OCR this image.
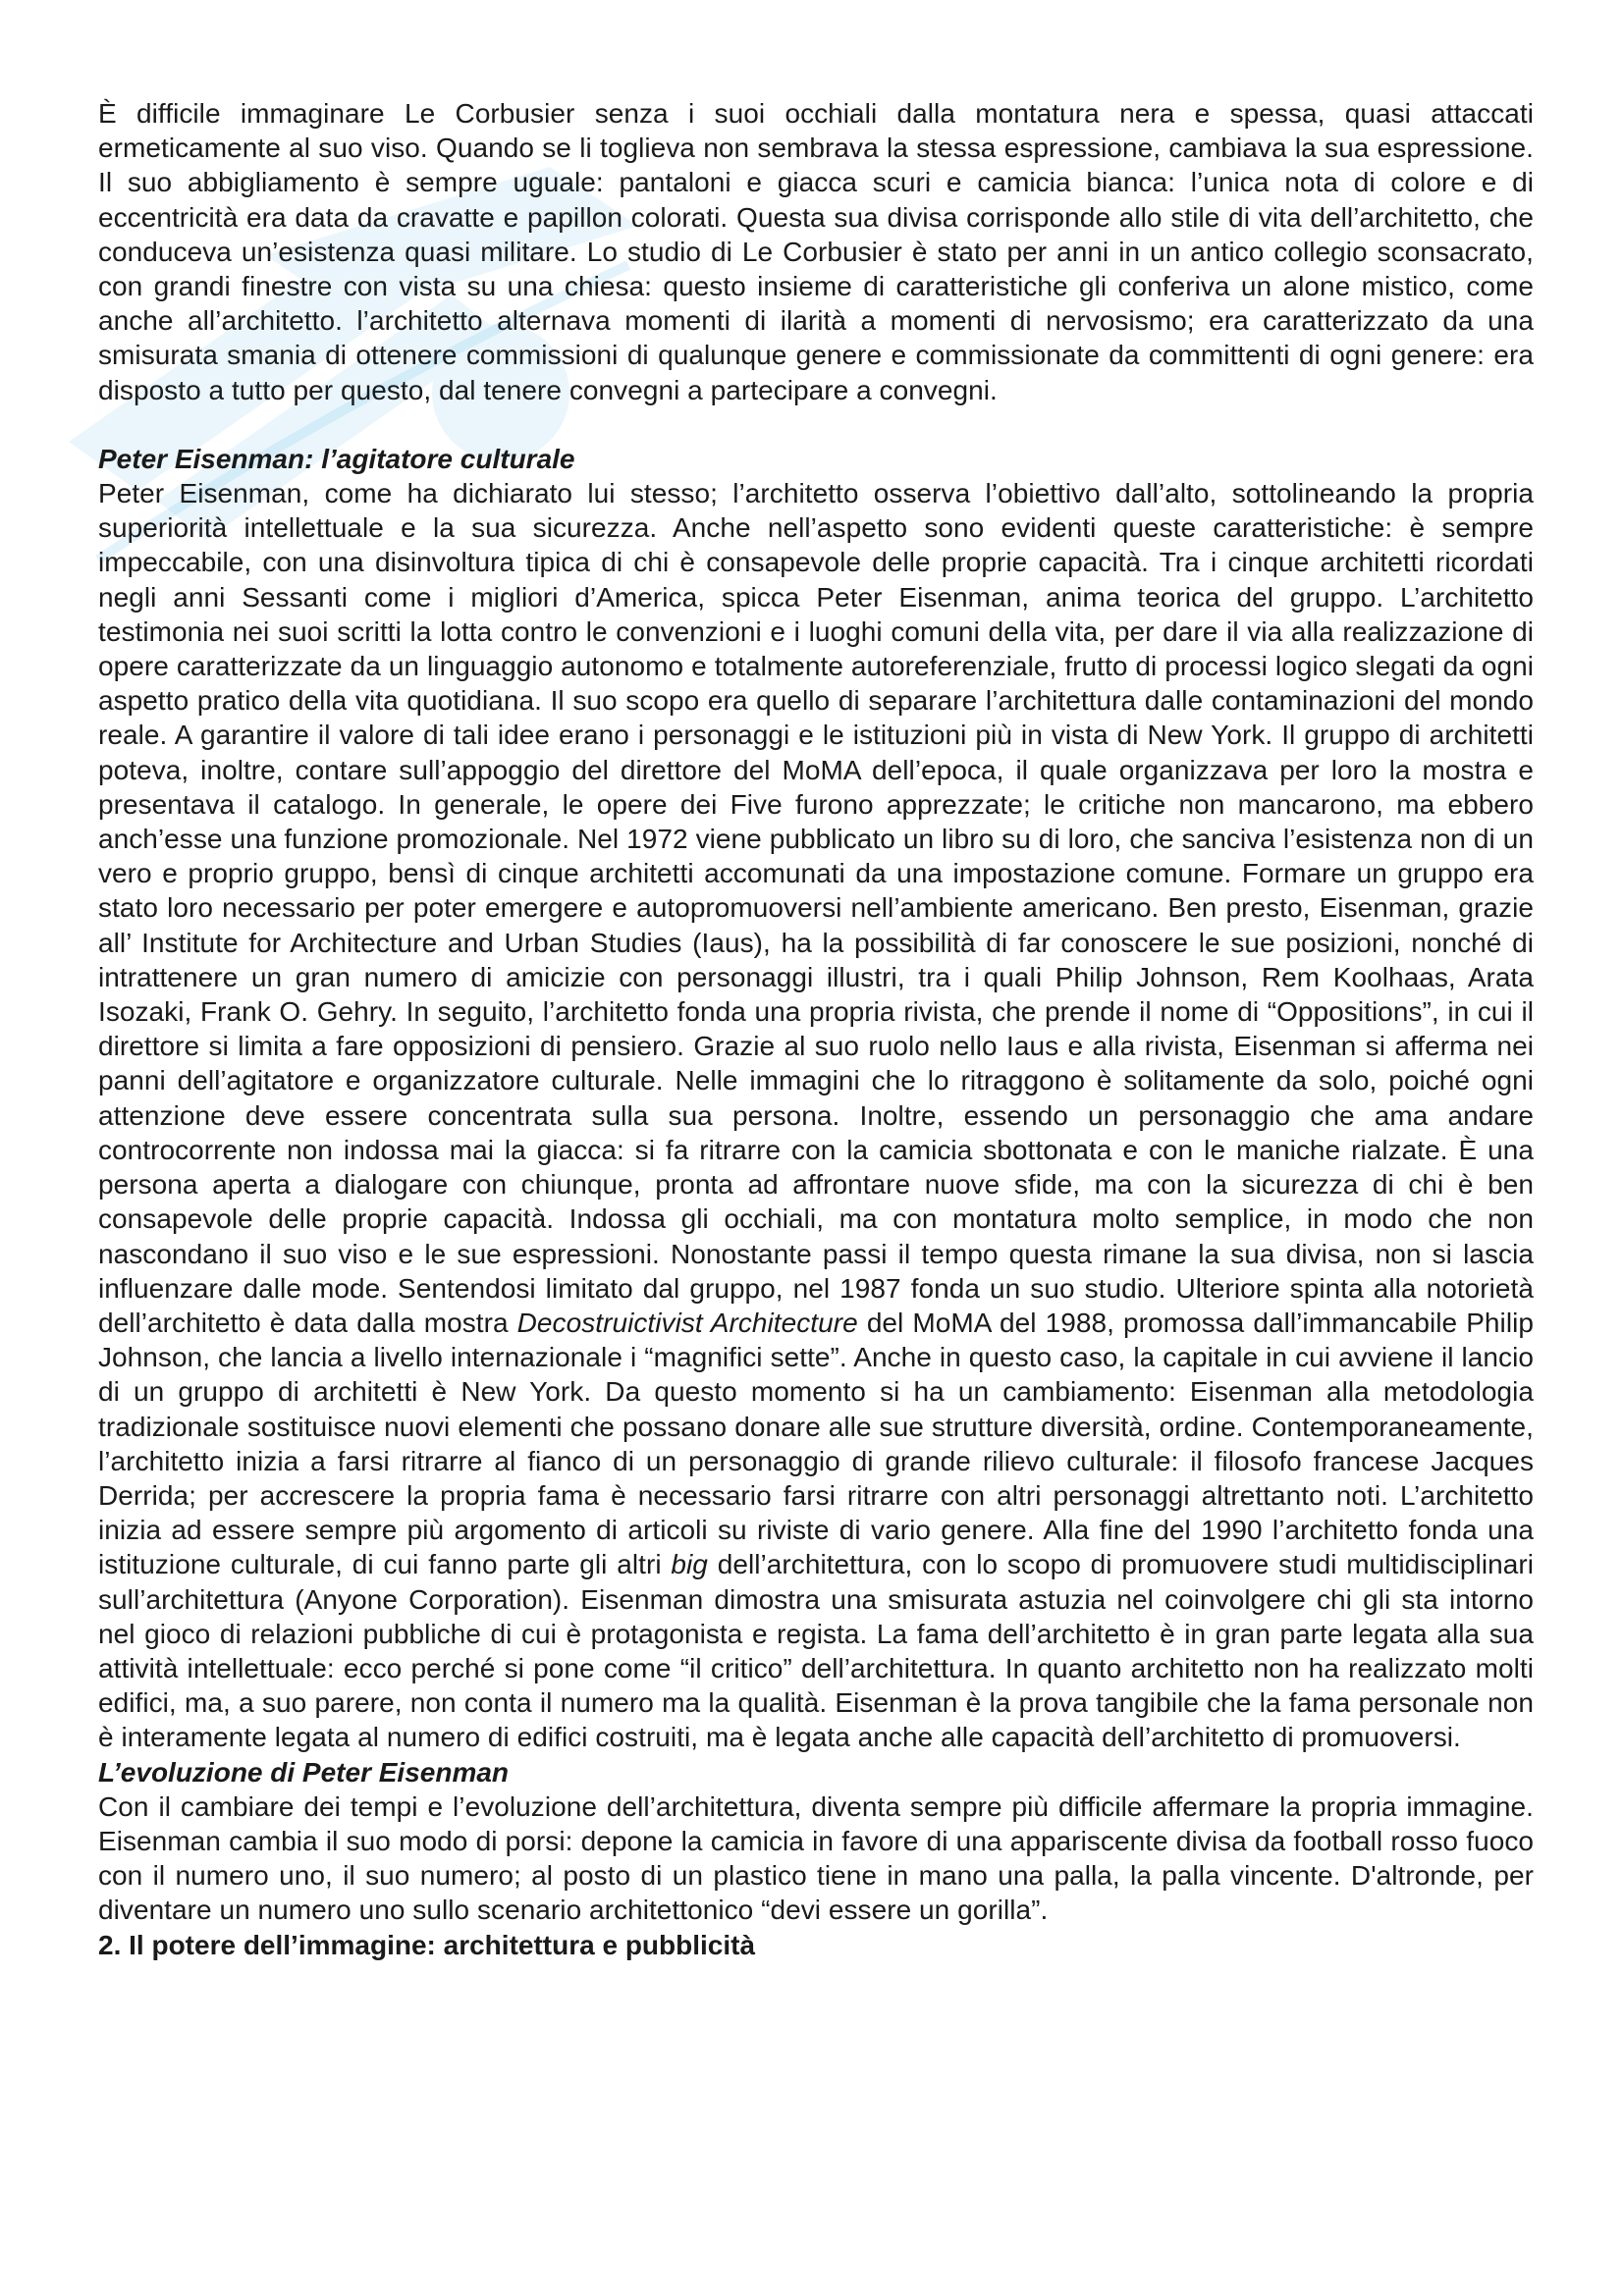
È difficile immaginare Le Corbusier senza i suoi occhiali dalla montatura nera e spessa, quasi attaccati ermeticamente al suo viso. Quando se li toglieva non sembrava la stessa espressione, cambiava la sua espressione. Il suo abbigliamento è sempre uguale: pantaloni e giacca scuri e camicia bianca: l’unica nota di colore e di eccentricità era data da cravatte e papillon colorati. Questa sua divisa corrisponde allo stile di vita dell’architetto, che conduceva un’esistenza quasi militare. Lo studio di Le Corbusier è stato per anni in un antico collegio sconsacrato, con grandi finestre con vista su una chiesa: questo insieme di caratteristiche gli conferiva un alone mistico, come anche all’architetto. l’architetto alternava momenti di ilarità a momenti di nervosismo; era caratterizzato da una smisurata smania di ottenere commissioni di qualunque genere e commissionate da committenti di ogni genere: era disposto a tutto per questo, dal tenere convegni a partecipare a convegni.

Peter Eisenman: l’agitatore culturale

Peter Eisenman, come ha dichiarato lui stesso; l’architetto osserva l’obiettivo dall’alto, sottolineando la propria superiorità intellettuale e la sua sicurezza. Anche nell’aspetto sono evidenti queste caratteristiche: è sempre impeccabile, con una disinvoltura tipica di chi è consapevole delle proprie capacità. Tra i cinque architetti ricordati negli anni Sessanti come i migliori d’America, spicca Peter Eisenman, anima teorica del gruppo. L’architetto testimonia nei suoi scritti la lotta contro le convenzioni e i luoghi comuni della vita, per dare il via alla realizzazione di opere caratterizzate da un linguaggio autonomo e totalmente autoreferenziale, frutto di processi logico slegati da ogni aspetto pratico della vita quotidiana. Il suo scopo era quello di separare l’architettura dalle contaminazioni del mondo reale. A garantire il valore di tali idee erano i personaggi e le istituzioni più in vista di New York. Il gruppo di architetti poteva, inoltre, contare sull’appoggio del direttore del MoMA dell’epoca, il quale organizzava per loro la mostra e presentava il catalogo. In generale, le opere dei Five furono apprezzate; le critiche non mancarono, ma ebbero anch’esse una funzione promozionale. Nel 1972 viene pubblicato un libro su di loro, che sanciva l’esistenza non di un vero e proprio gruppo, bensì di cinque architetti accomunati da una impostazione comune. Formare un gruppo era stato loro necessario per poter emergere e autopromuoversi nell’ambiente americano. Ben presto, Eisenman, grazie all’ Institute for Architecture and Urban Studies (Iaus), ha la possibilità di far conoscere le sue posizioni, nonché di intrattenere un gran numero di amicizie con personaggi illustri, tra i quali Philip Johnson, Rem Koolhaas, Arata Isozaki, Frank O. Gehry. In seguito, l’architetto fonda una propria rivista, che prende il nome di “Oppositions”, in cui il direttore si limita a fare opposizioni di pensiero. Grazie al suo ruolo nello Iaus e alla rivista, Eisenman si afferma nei panni dell’agitatore e organizzatore culturale. Nelle immagini che lo ritraggono è solitamente da solo, poiché ogni attenzione deve essere concentrata sulla sua persona. Inoltre, essendo un personaggio che ama andare controcorrente non indossa mai la giacca: si fa ritrarre con la camicia sbottonata e con le maniche rialzate. È una persona aperta a dialogare con chiunque, pronta ad affrontare nuove sfide, ma con la sicurezza di chi è ben consapevole delle proprie capacità. Indossa gli occhiali, ma con montatura molto semplice, in modo che non nascondano il suo viso e le sue espressioni. Nonostante passi il tempo questa rimane la sua divisa, non si lascia influenzare dalle mode. Sentendosi limitato dal gruppo, nel 1987 fonda un suo studio. Ulteriore spinta alla notorietà dell’architetto è data dalla mostra Decostruictivist Architecture del MoMA del 1988, promossa dall’immancabile Philip Johnson, che lancia a livello internazionale i “magnifici sette”. Anche in questo caso, la capitale in cui avviene il lancio di un gruppo di architetti è New York. Da questo momento si ha un cambiamento: Eisenman alla metodologia tradizionale sostituisce nuovi elementi che possano donare alle sue strutture diversità, ordine. Contemporaneamente, l’architetto inizia a farsi ritrarre al fianco di un personaggio di grande rilievo culturale: il filosofo francese Jacques Derrida; per accrescere la propria fama è necessario farsi ritrarre con altri personaggi altrettanto noti. L’architetto inizia ad essere sempre più argomento di articoli su riviste di vario genere. Alla fine del 1990 l’architetto fonda una istituzione culturale, di cui fanno parte gli altri big dell’architettura, con lo scopo di promuovere studi multidisciplinari sull’architettura (Anyone Corporation). Eisenman dimostra una smisurata astuzia nel coinvolgere chi gli sta intorno nel gioco di relazioni pubbliche di cui è protagonista e regista. La fama dell’architetto è in gran parte legata alla sua attività intellettuale: ecco perché si pone come “il critico” dell’architettura. In quanto architetto non ha realizzato molti edifici, ma, a suo parere, non conta il numero ma la qualità. Eisenman è la prova tangibile che la fama personale non è interamente legata al numero di edifici costruiti, ma è legata anche alle capacità dell’architetto di promuoversi.

L’evoluzione di Peter Eisenman

Con il cambiare dei tempi e l’evoluzione dell’architettura, diventa sempre più difficile affermare la propria immagine. Eisenman cambia il suo modo di porsi: depone la camicia in favore di una appariscente divisa da football rosso fuoco con il numero uno, il suo numero; al posto di un plastico tiene in mano una palla, la palla vincente. D'altronde, per diventare un numero uno sullo scenario architettonico “devi essere un gorilla”.

2. Il potere dell’immagine: architettura e pubblicità
